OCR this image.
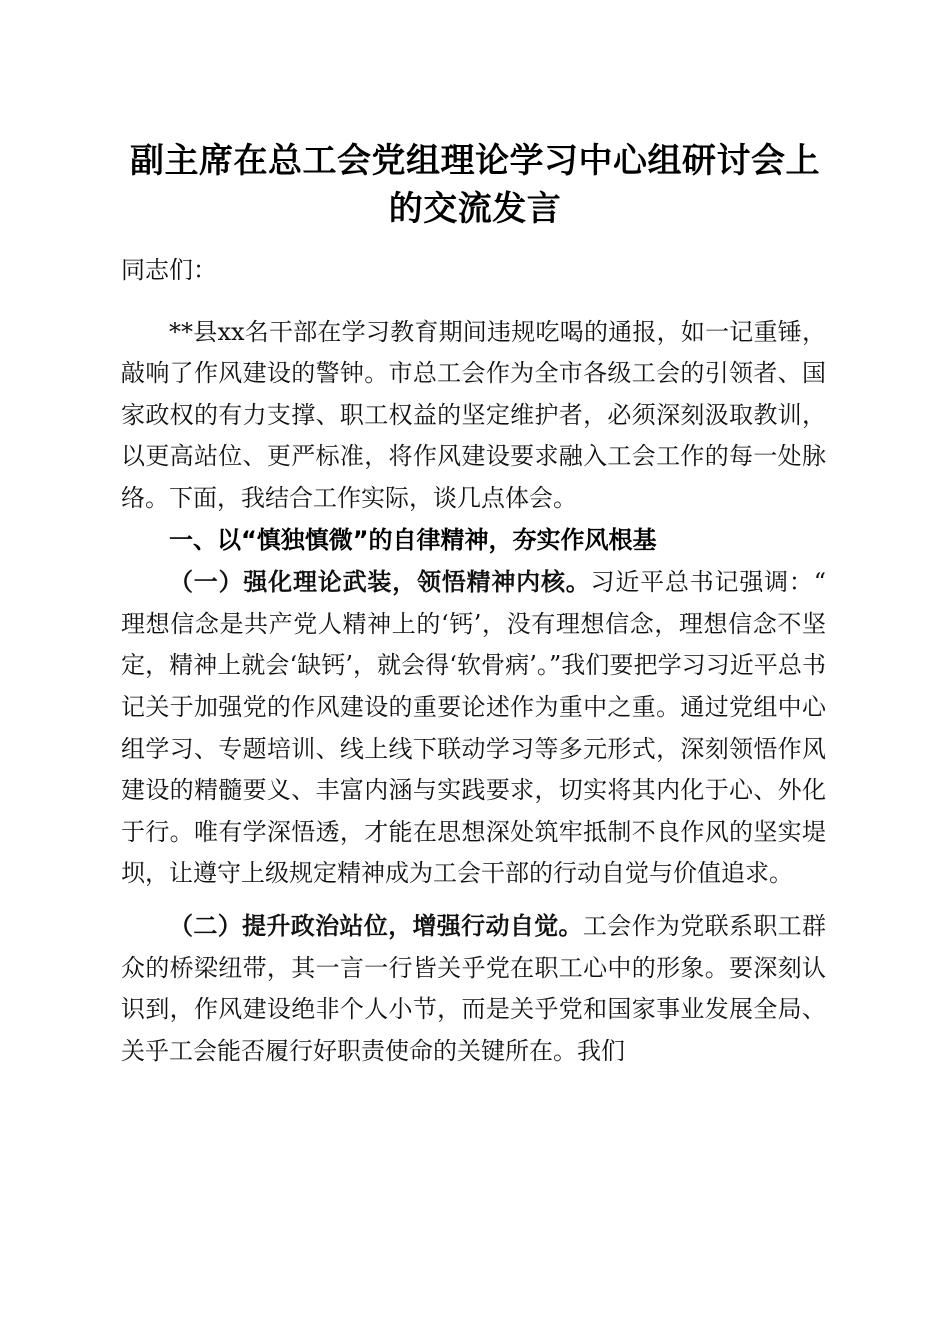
副主席在总工会党组理论学习中心组研讨会上
的交流发言

同志们：

**县xx名干部在学习教育期间违规吃喝的通报，如一记重锤，敲响了作风建设的警钟。市总工会作为全市各级工会的引领者、国家政权的有力支撑、职工权益的坚定维护者，必须深刻汲取教训，以更高站位、更严标准，将作风建设要求融入工会工作的每一处脉络。下面，我结合工作实际，谈几点体会。

一、以“慎独慎微”的自律精神，夯实作风根基

（一）强化理论武装，领悟精神内核。习近平总书记强调：“理想信念是共产党人精神上的‘钙’，没有理想信念，理想信念不坚定，精神上就会‘缺钙’，就会得‘软骨病’。”我们要把学习习近平总书记关于加强党的作风建设的重要论述作为重中之重。通过党组中心组学习、专题培训、线上线下联动学习等多元形式，深刻领悟作风建设的精髓要义、丰富内涵与实践要求，切实将其内化于心、外化于行。唯有学深悟透，才能在思想深处筑牢抵制不良作风的坚实堤坝，让遵守上级规定精神成为工会干部的行动自觉与价值追求。

（二）提升政治站位，增强行动自觉。工会作为党联系职工群众的桥梁纽带，其一言一行皆关乎党在职工心中的形象。要深刻认识到，作风建设绝非个人小节，而是关乎党和国家事业发展全局、关乎工会能否履行好职责使命的关键所在。我们
